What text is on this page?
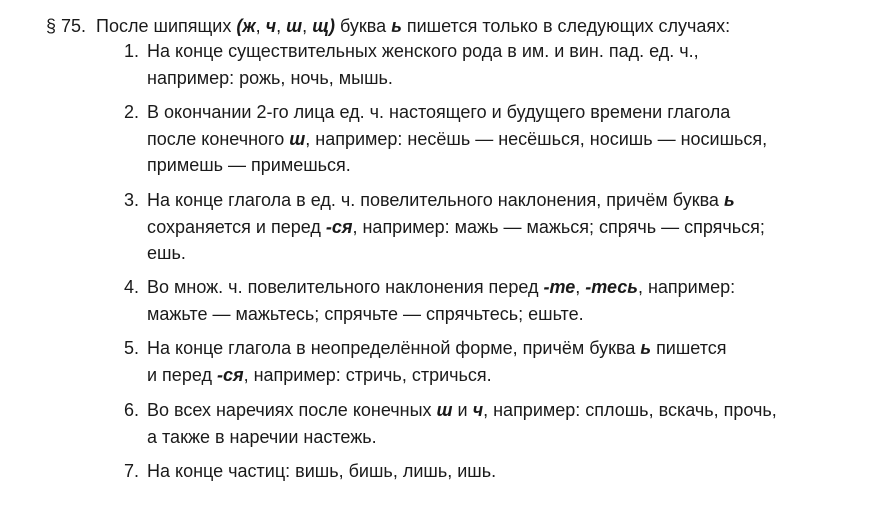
§ 75. После шипящих (ж, ч, ш, щ) буква ь пишется только в следующих случаях:
1. На конце существительных женского рода в им. и вин. пад. ед. ч.,
например: рожь, ночь, мышь.
2. В окончании 2-го лица ед. ч. настоящего и будущего времени глагола
после конечного ш, например: несёшь — несёшься, носишь — носишься,
примешь — примешься.
3. На конце глагола в ед. ч. повелительного наклонения, причём буква ь
сохраняется и перед -ся, например: мажь — мажься; спрячь — спрячься;
ешь.
4. Во множ. ч. повелительного наклонения перед -те, -тесь, например:
мажьте — мажьтесь; спрячьте — спрячьтесь; ешьте.
5. На конце глагола в неопределённой форме, причём буква ь пишется
и перед -ся, например: стричь, стричься.
6. Во всех наречиях после конечных ш и ч, например: сплошь, вскачь, прочь,
а также в наречии настежь.
7. На конце частиц: вишь, бишь, лишь, ишь.
